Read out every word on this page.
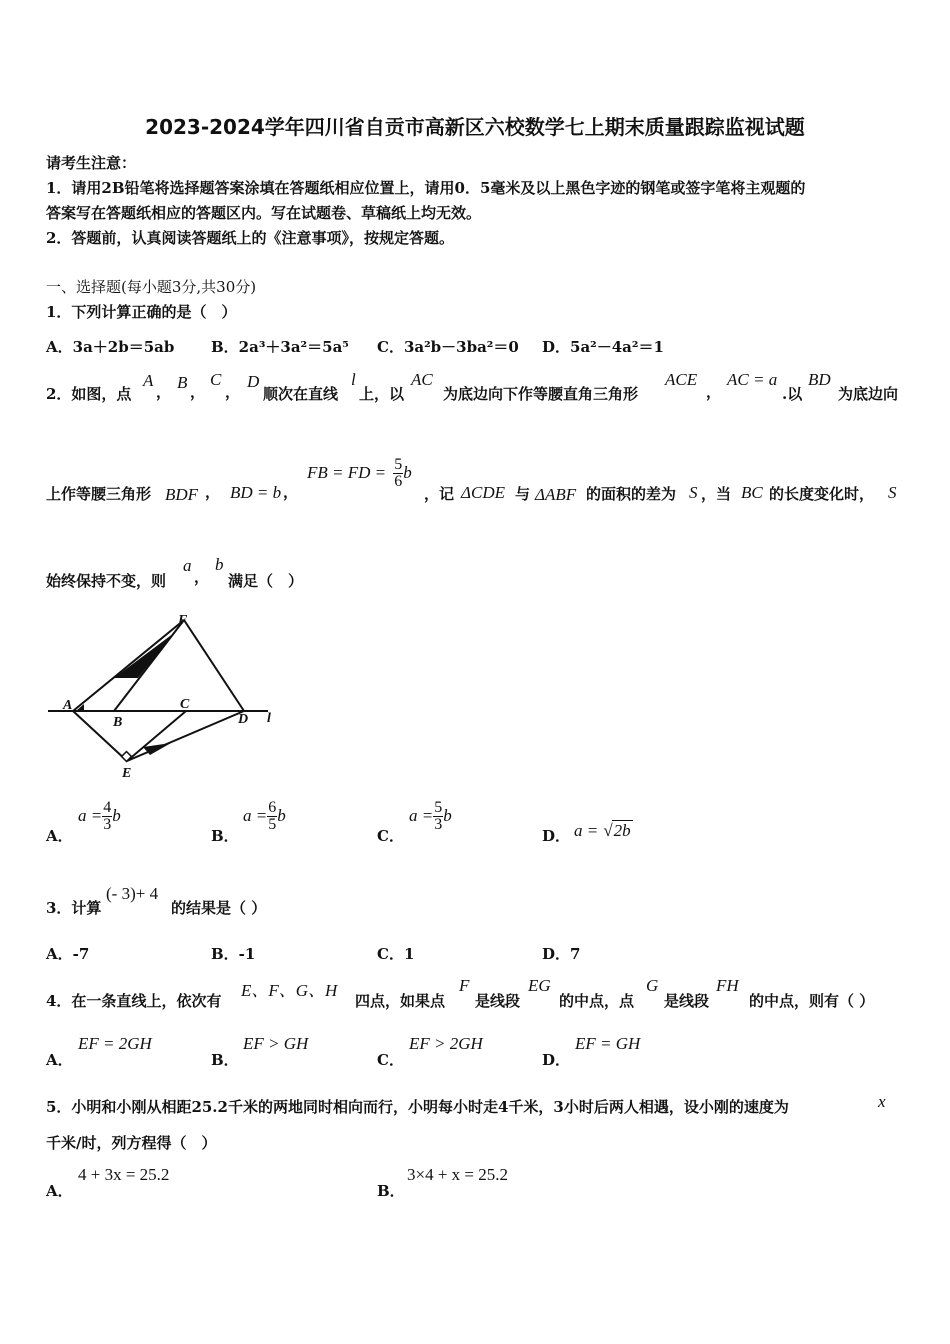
2023-2024学年四川省自贡市高新区六校数学七上期末质量跟踪监视试题
请考生注意：
1．请用2B铅笔将选择题答案涂填在答题纸相应位置上，请用0．5毫米及以上黑色字迹的钢笔或签字笔将主观题的
答案写在答题纸相应的答题区内。写在试题卷、草稿纸上均无效。
2．答题前，认真阅读答题纸上的《注意事项》，按规定答题。
一、选择题(每小题3分,共30分)
1．下列计算正确的是（　）
A．3a＋2b＝5ab B．2a³＋3a²＝5a⁵ C．3a²b－3ba²＝0 D．5a²－4a²＝1
2．如图，点
A
， B ，
C
，
D
顺次在直线
l
上，以
AC
为底边向下作等腰直角三角形
ACE
，
AC = a
.以
BD
为底边向
上作等腰三角形 BDF ， BD = b ，
FB = FD = $\frac{5}{6}$ b
，记 ΔCDE 与 ΔABF 的面积的差为 S ，当 BC 的长度变化时， S
始终保持不变，则
a
，
b
满足（　）
F
A
B
C
D l
E
A．
$a = \frac{4}{3}$ b
B．
$a = \frac{6}{5}$ b
C．
$a = \frac{5}{3}$ b
D． a = √2b
3．计算
(- 3)+ 4
的结果是（ ）
A．-7	B．-1	C．1	D．7
4．在一条直线上，依次有
E、F、G、H
四点，如果点
F
是线段
EG
的中点，点
G
是线段
FH
的中点，则有（ ）
A．
EF = 2GH
B．
EF > GH
C．
EF > 2GH
D．
EF = GH
5．小明和小刚从相距25.2千米的两地同时相向而行，小明每小时走4千米，3小时后两人相遇，设小刚的速度为	x
千米/时，列方程得（　）
A．
4 + 3x = 25.2
B．
3×4 + x = 25.2
